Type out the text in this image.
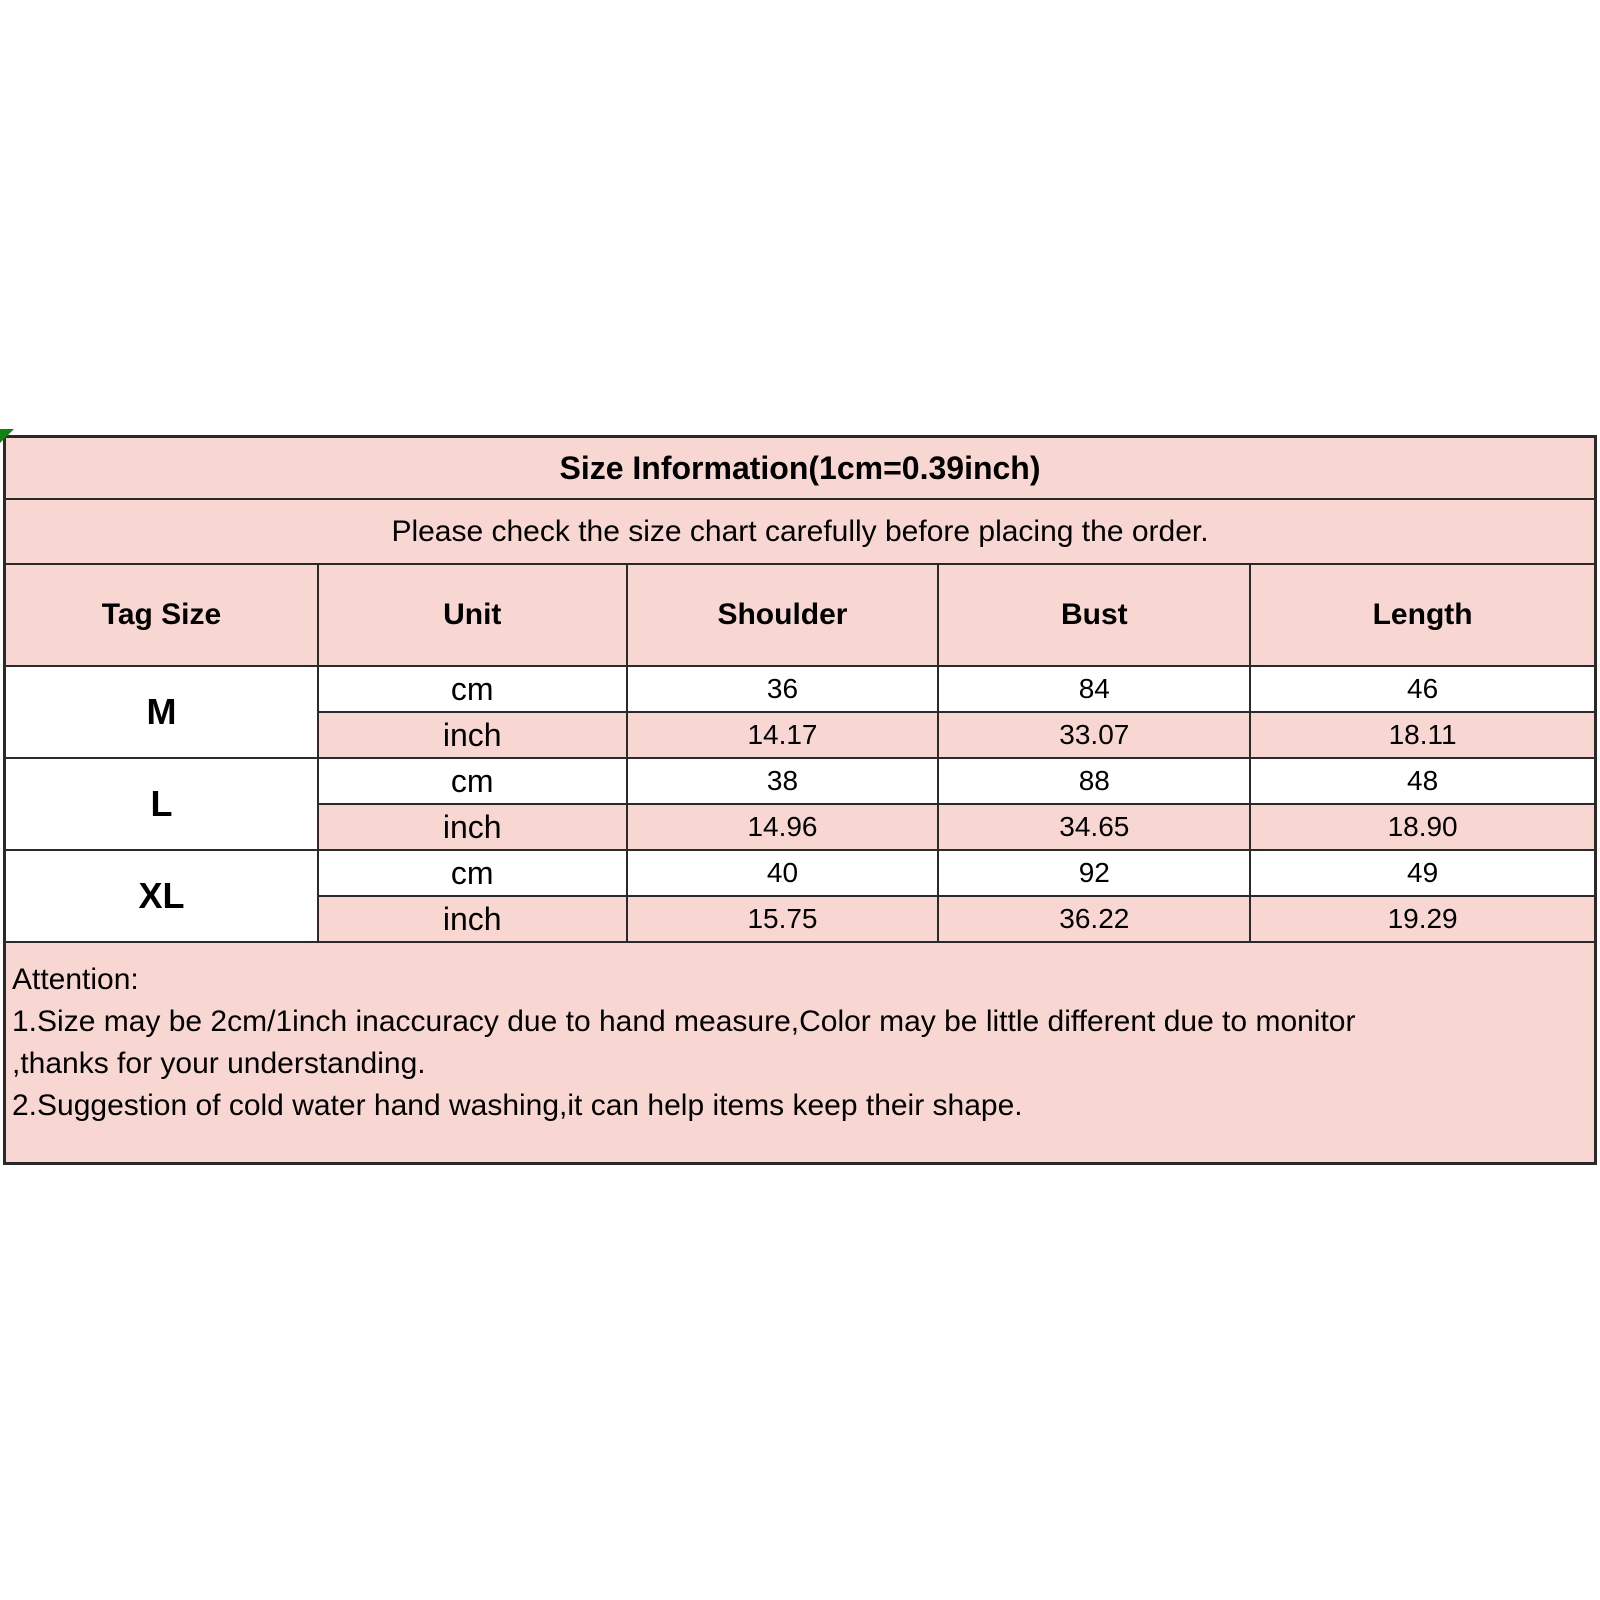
Size Information(1cm=0.39inch)				
Please check the size chart carefully before placing the order.				
Tag Size	Unit	Shoulder	Bust	Length
M	cm	36	84	46
	inch	14.17	33.07	18.11
L	cm	38	88	48
	inch	14.96	34.65	18.90
XL	cm	40	92	49
	inch	15.75	36.22	19.29

Attention:
1.Size may be 2cm/1inch inaccuracy due to hand measure,Color may be little different due to monitor
,thanks for your understanding.
2.Suggestion of cold water hand washing,it can help items keep their shape.				
